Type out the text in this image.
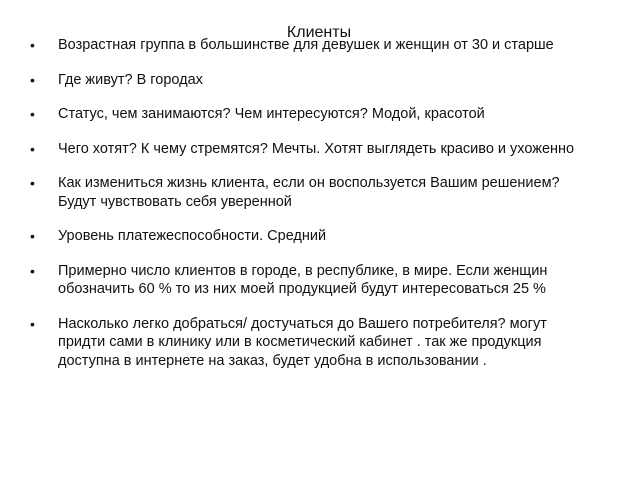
Клиенты
•	Возрастная группа в большинстве для девушек и женщин от 30 и старше
•	Где живут? В городах
•	Статус, чем занимаются? Чем интересуются? Модой, красотой
•	Чего хотят? К чему стремятся? Мечты. Хотят выглядеть красиво и ухоженно
•	Как измениться жизнь клиента, если он воспользуется Вашим решением? Будут чувствовать себя уверенной
•	Уровень платежеспособности. Средний
•	Примерно число клиентов в городе, в республике, в мире. Если женщин обозначить 60 % то из них моей продукцией будут интересоваться 25 %
•	Насколько легко добраться/ достучаться до Вашего потребителя? могут придти сами в клинику или в косметический кабинет . так же продукция доступна в интернете на заказ, будет удобна в использовании .
